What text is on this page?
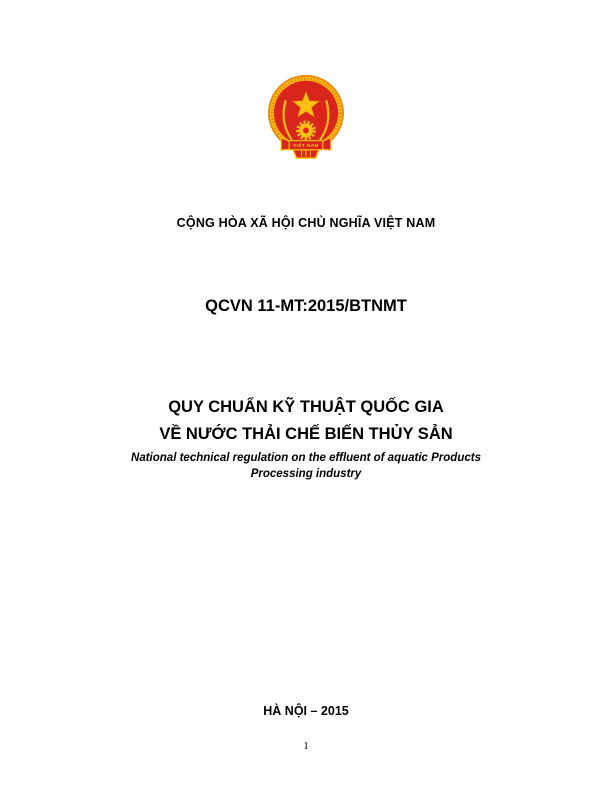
VIỆT NAM
CỘNG HÒA XÃ HỘI CHỦ NGHĨA VIỆT NAM
QCVN 11-MT:2015/BTNMT
QUY CHUẨN KỸ THUẬT QUỐC GIA
VỀ NƯỚC THẢI CHẾ BIẾN THỦY SẢN
National technical regulation on the effluent of aquatic Products
Processing industry
HÀ NỘI – 2015
1
